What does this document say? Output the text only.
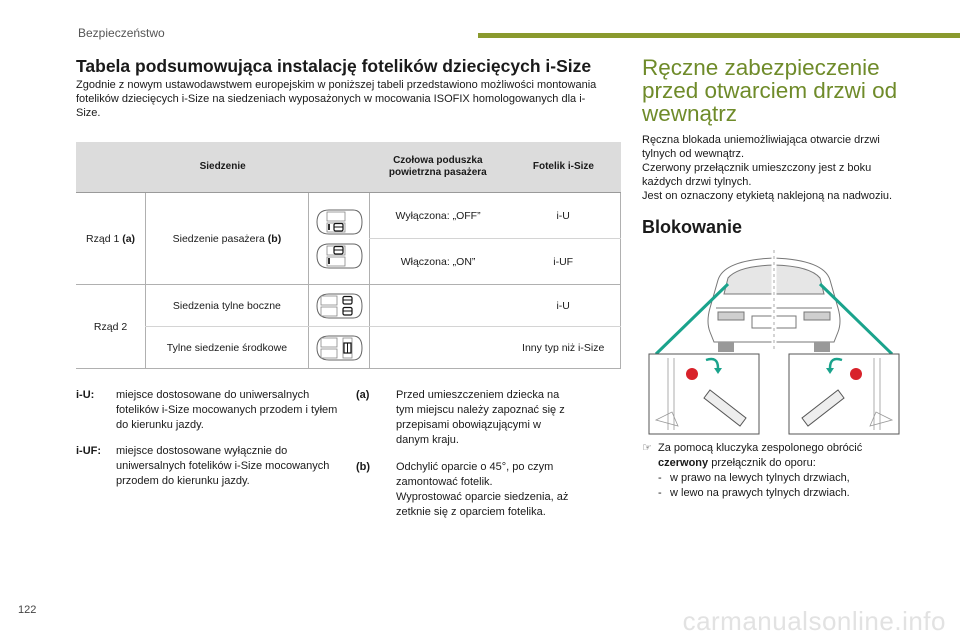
Bezpieczeństwo
122	carmanualsonline.info
Tabela podsumowująca instalację fotelików dziecięcych i-Size

Zgodnie z nowym ustawodawstwem europejskim w poniższej tabeli przedstawiono możliwości montowania fotelików dziecięcych i-Size na siedzeniach wyposażonych w mocowania ISOFIX homologowanych dla i-Size.

Siedzenie			Czołowa poduszka powietrzna pasażera	Fotelik i-Size
Rząd 1 (a)	Siedzenie pasażera (b)		Wyłączona: „OFF”	i-U
			Włączona: „ON”	i-UF
Rząd 2	Siedzenia tylne boczne			i-U
	Tylne siedzenie środkowe			Inny typ niż i-Size
i-U:	miejsce dostosowane do uniwersalnych fotelików i-Size mocowanych przodem i tyłem do kierunku jazdy.
i-UF:	miejsce dostosowane wyłącznie do uniwersalnych fotelików i-Size mocowanych przodem do kierunku jazdy.
(a)	Przed umieszczeniem dziecka na tym miejscu należy zapoznać się z przepisami obowiązującymi w danym kraju.
(b)	Odchylić oparcie o 45°, po czym zamontować fotelik.
Wyprostować oparcie siedzenia, aż zetknie się z oparciem fotelika.
Ręczne zabezpieczenie przed otwarciem drzwi od wewnątrz

Ręczna blokada uniemożliwiająca otwarcie drzwi tylnych od wewnątrz.
Czerwony przełącznik umieszczony jest z boku każdych drzwi tylnych.
Jest on oznaczony etykietą naklejoną na nadwoziu.

Blokowanie
☞ Za pomocą kluczyka zespolonego obrócić czerwony przełącznik do oporu:
- w prawo na lewych tylnych drzwiach,
- w lewo na prawych tylnych drzwiach.
